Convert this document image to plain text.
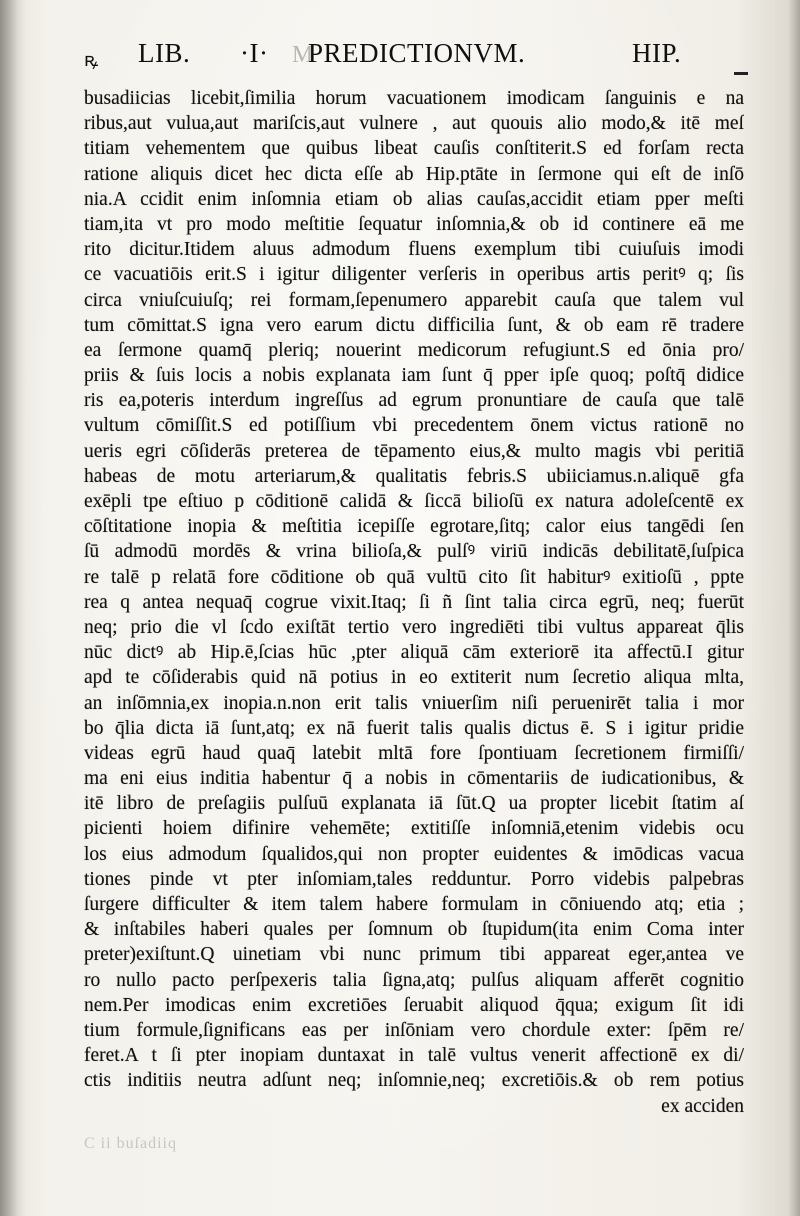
ꝶ LIB. ·I· M
PREDICTIONVM.	HIP.
busadiicias licebit,ſimilia horum vacuationem imodicam ſanguinis e na
ribus,aut vulua,aut mariſcis,aut vulnere , aut quouis alio modo,& itē meſ
titiam vehementem que quibus libeat cauſis conſtiterit.S ed forſam recta
ratione aliquis dicet hec dicta eſſe ab Hip.ptāte in ſermone qui eſt de inſō
nia.A ccidit enim inſomnia etiam ob alias cauſas,accidit etiam pper meſti
tiam,ita vt pro modo meſtitie ſequatur inſomnia,& ob id continere eā me
rito dicitur.Itidem aluus admodum fluens exemplum tibi cuiuſuis imodi
ce vacuatiōis erit.S i igitur diligenter verſeris in operibus artis peritꝰ q; ſis
circa vniuſcuiuſq; rei formam,ſepenumero apparebit cauſa que talem vul
tum cōmittat.S igna vero earum dictu difficilia ſunt, & ob eam rē tradere
ea ſermone quamq̄ pleriq; nouerint medicorum refugiunt.S ed ōnia pro/
priis & ſuis locis a nobis explanata iam ſunt q̄ pper ipſe quoq; poſtq̄ didice
ris ea,poteris interdum ingreſſus ad egrum pronuntiare de cauſa que talē
vultum cōmiſſit.S ed potiſſium vbi precedentem ōnem victus rationē no
ueris egri cōſiderās preterea de tēpamento eius,& multo magis vbi peritiā
habeas de motu arteriarum,& qualitatis febris.S ubiiciamus.n.aliquē gfa
exēpli tpe eſtiuo p cōditionē calidā & ſiccā bilioſū ex natura adoleſcentē ex
cōſtitatione inopia & meſtitia icepiſſe egrotare,ſitq; calor eius tangēdi ſen
ſū admodū mordēs & vrina bilioſa,& pulſꝰ viriū indicās debilitatē,ſuſpica
re talē p relatā fore cōditione ob quā vultū cito ſit habiturꝰ exitioſū , ppte
rea q antea nequaq̄ cogrue vixit.Itaq; ſi ñ ſint talia circa egrū, neq; fuerūt
neq; prio die vl ſcdo exiſtāt tertio vero ingrediēti tibi vultus appareat q̄lis
nūc dictꝰ ab Hip.ē,ſcias hūc ,pter aliquā cām exteriorē ita affectū.I gitur
apd te cōſiderabis quid nā potius in eo extiterit num ſecretio aliqua mlta,
an inſōmnia,ex inopia.n.non erit talis vniuerſim niſi peruenirēt talia i mor
bo q̄lia dicta iā ſunt,atq; ex nā fuerit talis qualis dictus ē. S i igitur pridie
videas egrū haud quaq̄ latebit mltā fore ſpontiuam ſecretionem firmiſſi/
ma eni eius inditia habentur q̄ a nobis in cōmentariis de iudicationibus, &
itē libro de preſagiis pulſuū explanata iā ſūt.Q ua propter licebit ſtatim aſ
picienti hoiem difinire vehemēte; extitiſſe inſomniā,etenim videbis ocu
los eius admodum ſqualidos,qui non propter euidentes & imōdicas vacua
tiones pinde vt pter inſomiam,tales redduntur. Porro videbis palpebras
ſurgere difficulter & item talem habere formulam in cōniuendo atq; etia ;
& inſtabiles haberi quales per ſomnum ob ſtupidum(ita enim Coma inter
preter)exiſtunt.Q uinetiam vbi nunc primum tibi appareat eger,antea ve
ro nullo pacto perſpexeris talia ſigna,atq; pulſus aliquam afferēt cognitio
nem.Per imodicas enim excretiōes ſeruabit aliquod q̄qua; exigum ſit idi
tium formule,ſignificans eas per inſōniam vero chordule exter: ſpēm re/
feret.A t ſi pter inopiam duntaxat in talē vultus venerit affectionē ex di/
ctis inditiis neutra adſunt neq; inſomnie,neq; excretiōis.& ob rem potius
ex acciden
C ii buſadiiq
